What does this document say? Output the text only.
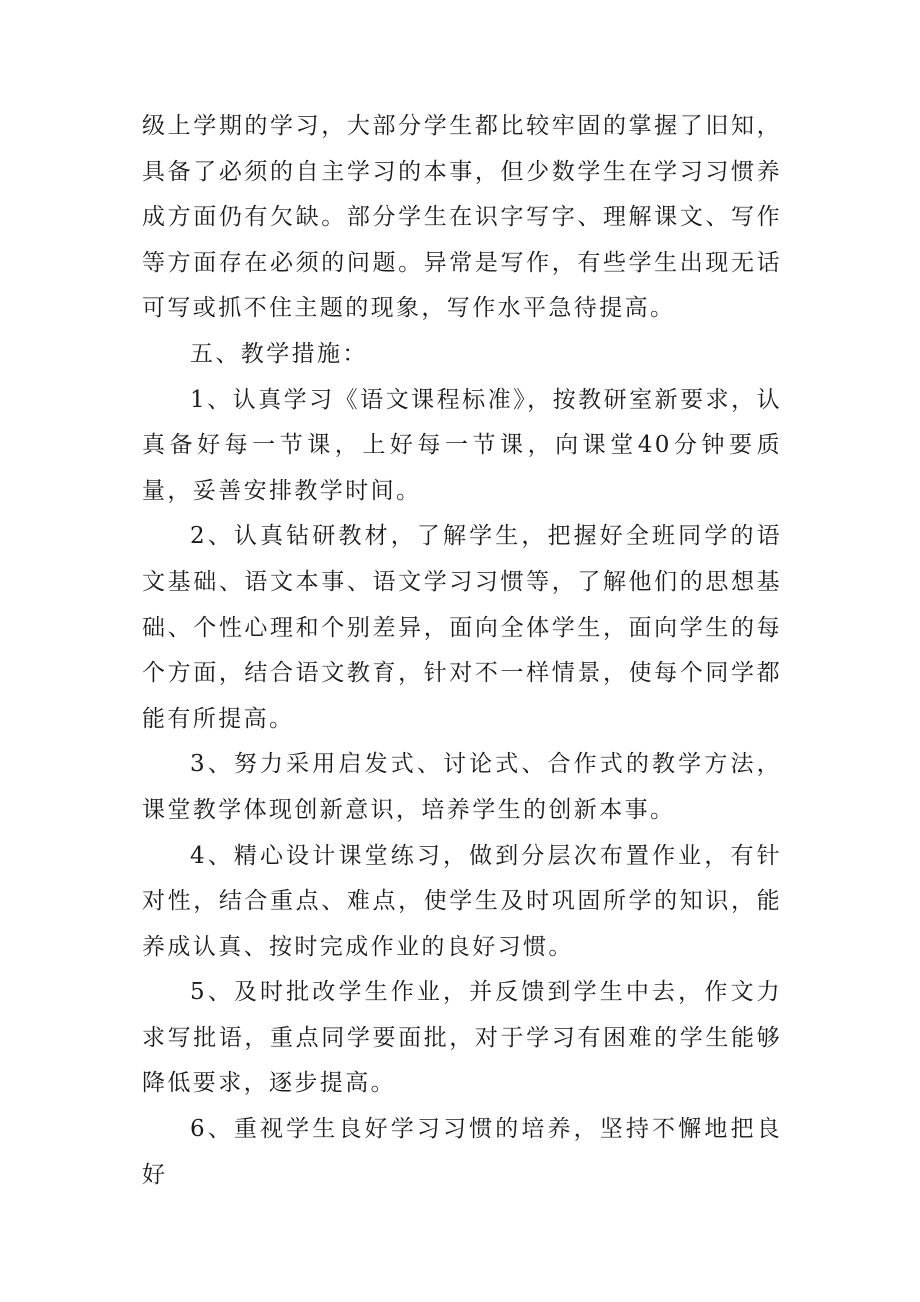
级上学期的学习，大部分学生都比较牢固的掌握了旧知，具备了必须的自主学习的本事，但少数学生在学习习惯养成方面仍有欠缺。部分学生在识字写字、理解课文、写作等方面存在必须的问题。异常是写作，有些学生出现无话可写或抓不住主题的现象，写作水平急待提高。

五、教学措施：

1、认真学习《语文课程标准》，按教研室新要求，认真备好每一节课，上好每一节课，向课堂40分钟要质量，妥善安排教学时间。

2、认真钻研教材，了解学生，把握好全班同学的语文基础、语文本事、语文学习习惯等，了解他们的思想基础、个性心理和个别差异，面向全体学生，面向学生的每个方面，结合语文教育，针对不一样情景，使每个同学都能有所提高。

3、努力采用启发式、讨论式、合作式的教学方法，课堂教学体现创新意识，培养学生的创新本事。

4、精心设计课堂练习，做到分层次布置作业，有针对性，结合重点、难点，使学生及时巩固所学的知识，能养成认真、按时完成作业的良好习惯。

5、及时批改学生作业，并反馈到学生中去，作文力求写批语，重点同学要面批，对于学习有困难的学生能够降低要求，逐步提高。

6、重视学生良好学习习惯的培养，坚持不懈地把良好
